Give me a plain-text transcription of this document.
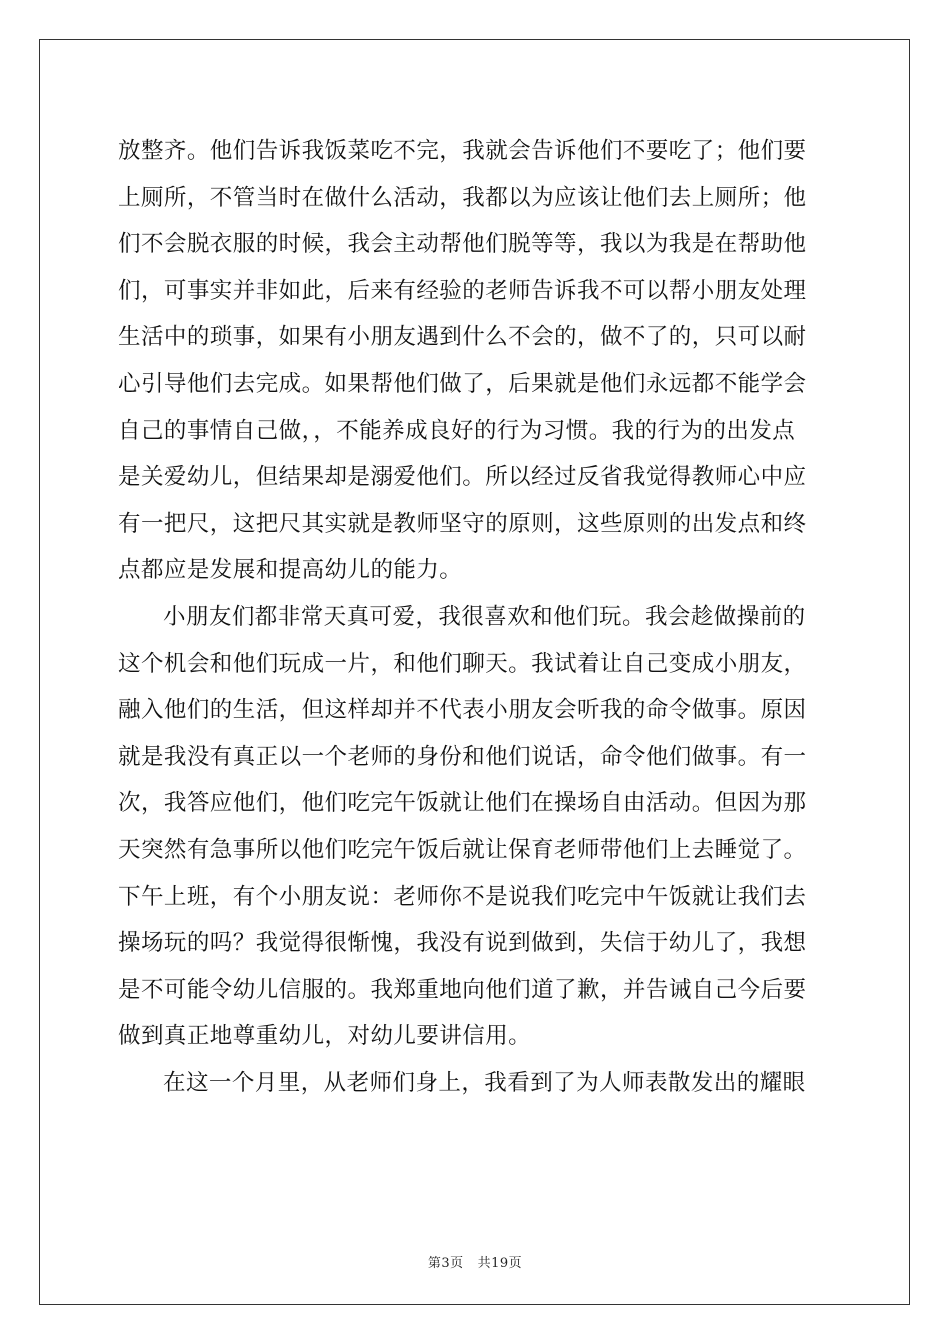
放整齐。他们告诉我饭菜吃不完，我就会告诉他们不要吃了；他们要
上厕所，不管当时在做什么活动，我都以为应该让他们去上厕所；他
们不会脱衣服的时候，我会主动帮他们脱等等，我以为我是在帮助他
们，可事实并非如此，后来有经验的老师告诉我不可以帮小朋友处理
生活中的琐事，如果有小朋友遇到什么不会的，做不了的，只可以耐
心引导他们去完成。如果帮他们做了，后果就是他们永远都不能学会
自己的事情自己做，，不能养成良好的行为习惯。我的行为的出发点
是关爱幼儿，但结果却是溺爱他们。所以经过反省我觉得教师心中应
有一把尺，这把尺其实就是教师坚守的原则，这些原则的出发点和终
点都应是发展和提高幼儿的能力。
小朋友们都非常天真可爱，我很喜欢和他们玩。我会趁做操前的
这个机会和他们玩成一片，和他们聊天。我试着让自己变成小朋友，
融入他们的生活，但这样却并不代表小朋友会听我的命令做事。原因
就是我没有真正以一个老师的身份和他们说话，命令他们做事。有一
次，我答应他们，他们吃完午饭就让他们在操场自由活动。但因为那
天突然有急事所以他们吃完午饭后就让保育老师带他们上去睡觉了。
下午上班，有个小朋友说：老师你不是说我们吃完中午饭就让我们去
操场玩的吗？我觉得很惭愧，我没有说到做到，失信于幼儿了，我想
是不可能令幼儿信服的。我郑重地向他们道了歉，并告诫自己今后要
做到真正地尊重幼儿，对幼儿要讲信用。
在这一个月里，从老师们身上，我看到了为人师表散发出的耀眼
第3页 共19页
